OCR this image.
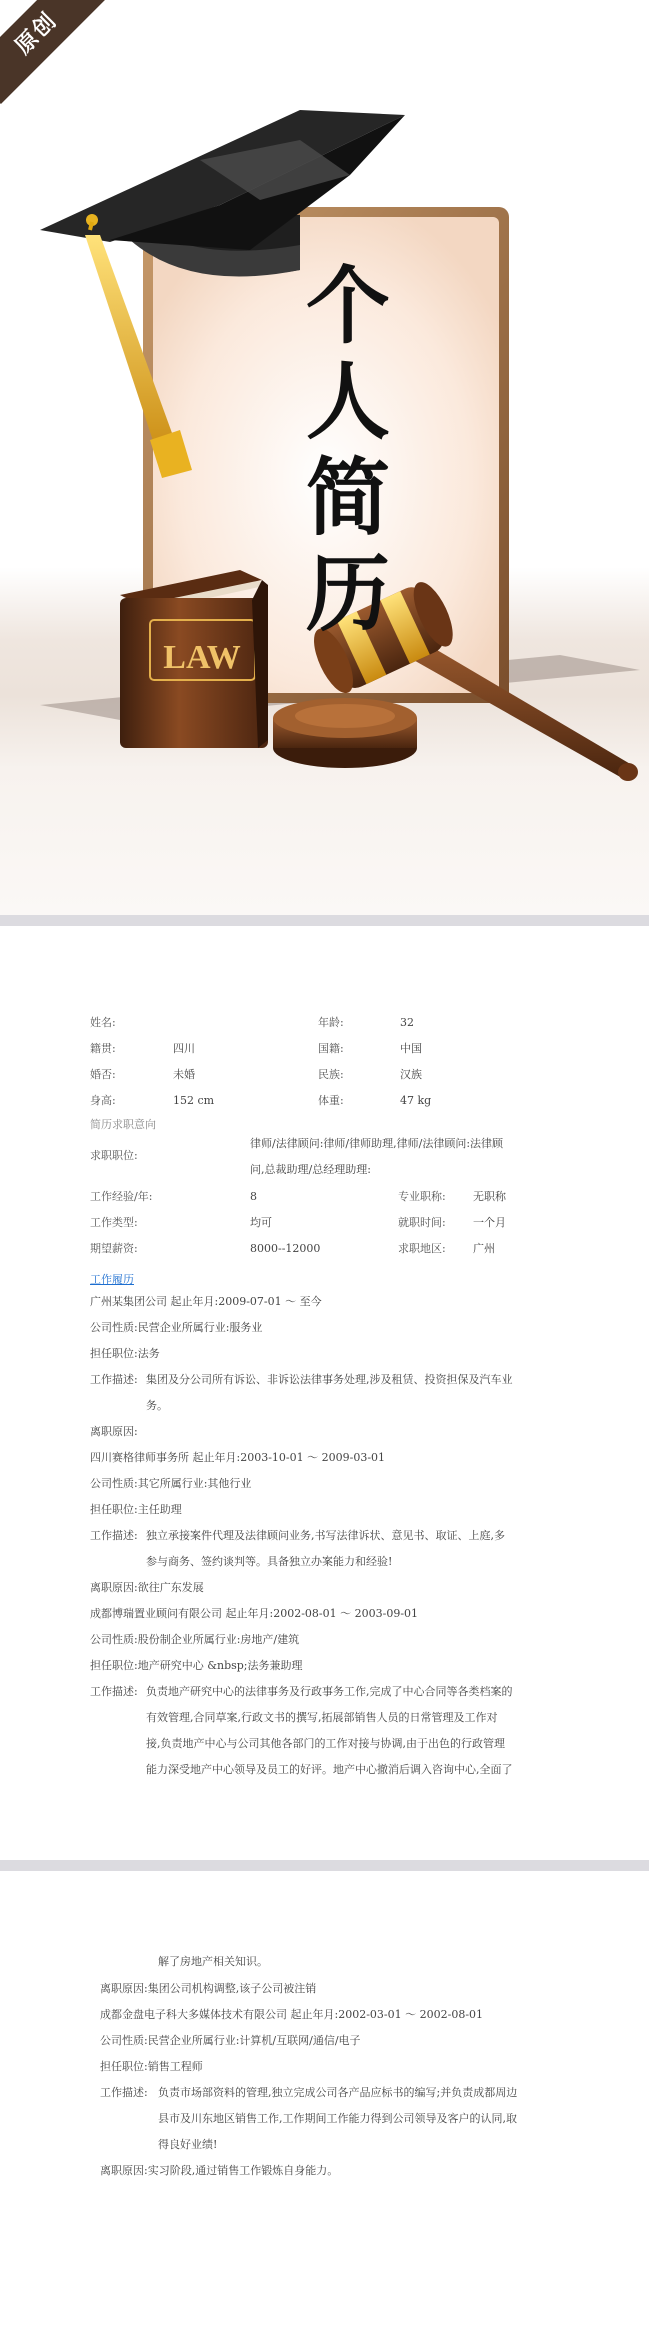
LAW
个
人
简
历
原创
姓名:	年龄:	32
籍贯:	四川	国籍:	中国
婚否:	未婚	民族:	汉族
身高:	152 cm	体重:	47 kg
简历求职意向
求职职位:
律师/法律顾问:律师/律师助理,律师/法律顾问:法律顾
问,总裁助理/总经理助理:
工作经验/年:	8	专业职称: 无职称
工作类型:	均可	就职时间: 一个月
期望薪资:	8000--12000	求职地区: 广州
工作履历
广州某集团公司 起止年月:2009-07-01 ～ 至今
公司性质:民营企业所属行业:服务业
担任职位:法务
工作描述: 集团及分公司所有诉讼、非诉讼法律事务处理,涉及租赁、投资担保及汽车业
务。
离职原因:
四川赛格律师事务所 起止年月:2003-10-01 ～ 2009-03-01
公司性质:其它所属行业:其他行业
担任职位:主任助理
工作描述: 独立承接案件代理及法律顾问业务,书写法律诉状、意见书、取证、上庭,多
参与商务、签约谈判等。具备独立办案能力和经验!
离职原因:欲往广东发展
成都博瑞置业顾问有限公司 起止年月:2002-08-01 ～ 2003-09-01
公司性质:股份制企业所属行业:房地产/建筑
担任职位:地产研究中心 &nbsp;法务兼助理
工作描述: 负责地产研究中心的法律事务及行政事务工作,完成了中心合同等各类档案的
有效管理,合同草案,行政文书的撰写,拓展部销售人员的日常管理及工作对
接,负责地产中心与公司其他各部门的工作对接与协调,由于出色的行政管理
能力深受地产中心领导及员工的好评。地产中心撤消后调入咨询中心,全面了
解了房地产相关知识。
离职原因:集团公司机构调整,该子公司被注销
成都金盘电子科大多媒体技术有限公司 起止年月:2002-03-01 ～ 2002-08-01
公司性质:民营企业所属行业:计算机/互联网/通信/电子
担任职位:销售工程师
工作描述: 负责市场部资料的管理,独立完成公司各产品应标书的编写;并负责成都周边
县市及川东地区销售工作,工作期间工作能力得到公司领导及客户的认同,取
得良好业绩!
离职原因:实习阶段,通过销售工作锻炼自身能力。
